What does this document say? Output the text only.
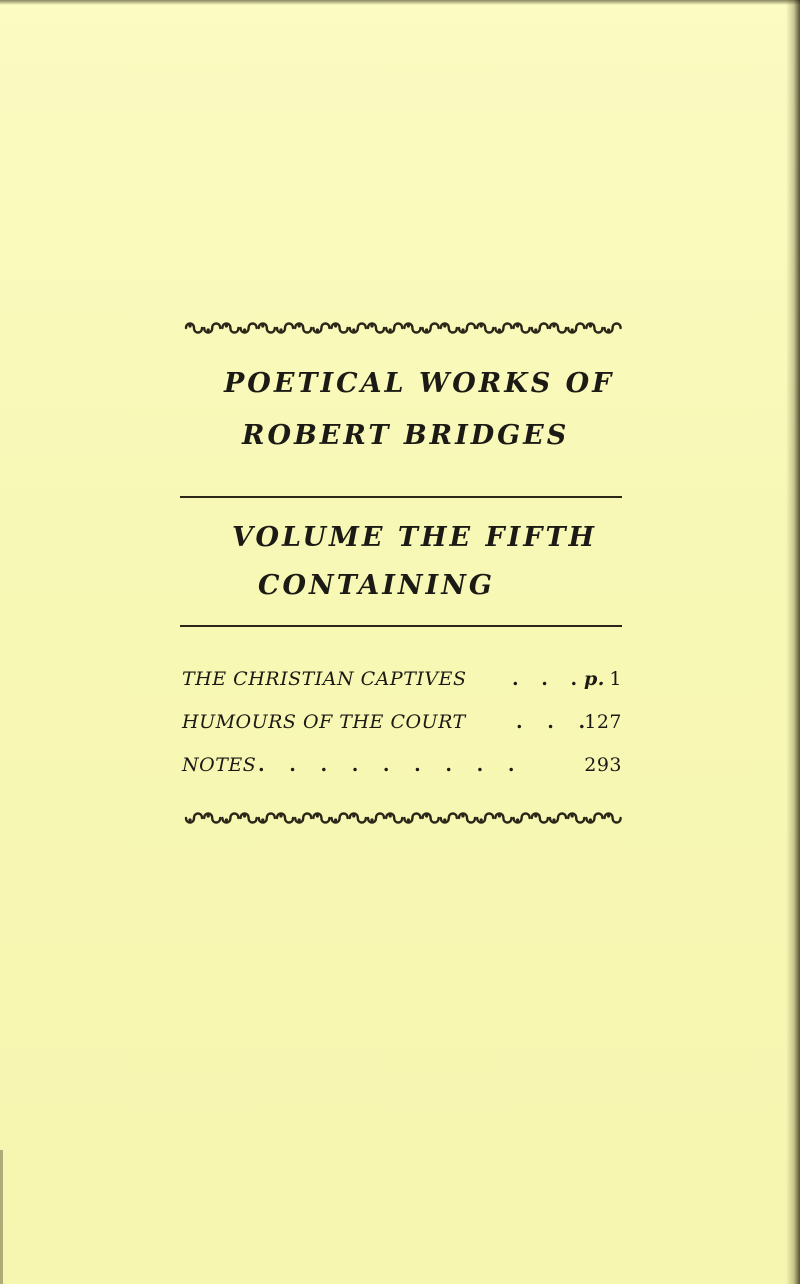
POETICAL WORKS OF
ROBERT BRIDGES
VOLUME THE FIFTH
CONTAINING
THE CHRISTIAN CAPTIVES . . . p. 1
HUMOURS OF THE COURT	. . . 127
NOTES . . . . . . . . .	293
